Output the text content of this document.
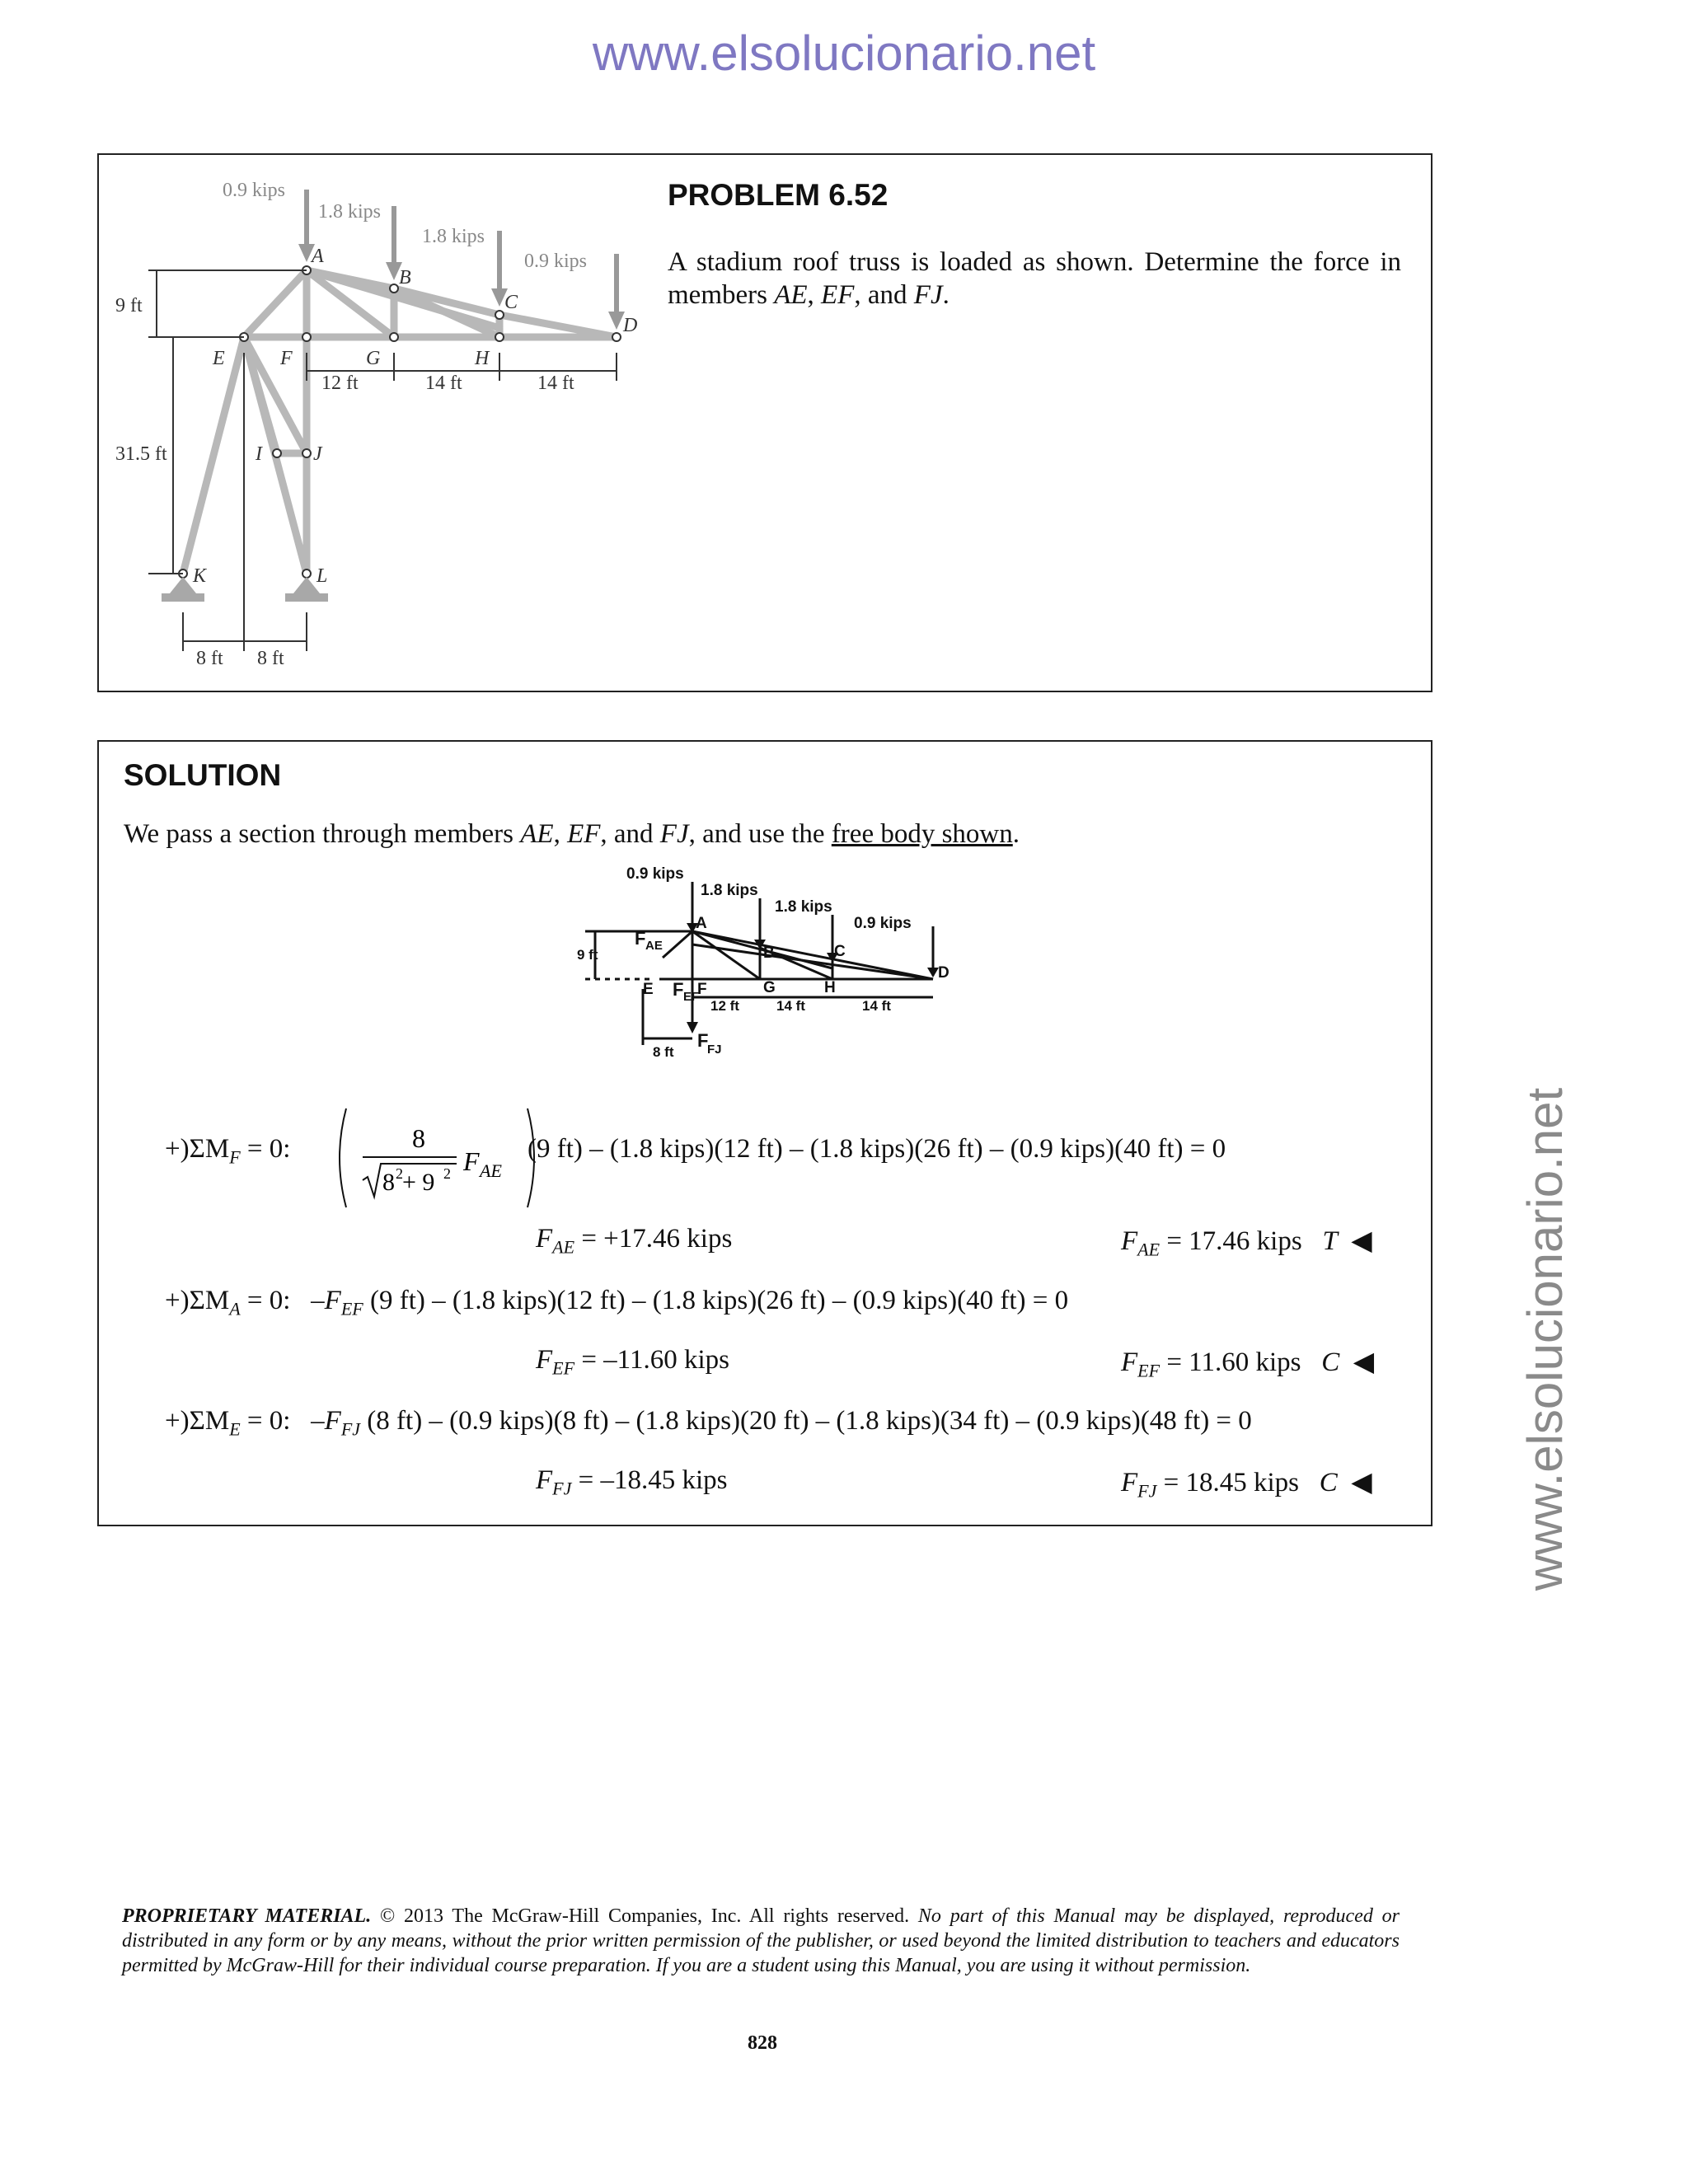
www.elsolucionario.net
www.elsolucionario.net
0.9 kips
1.8 kips
1.8 kips
0.9 kips
A
B
C
D
E	F	G	H
I	J
K	L
9 ft
31.5 ft
12 ft	14 ft	14 ft
8 ft 8 ft
PROBLEM 6.52
A stadium roof truss is loaded as shown. Determine the force in members AE, EF, and FJ.
SOLUTION
We pass a section through members AE, EF, and FJ, and use the free body shown.
0.9 kips
1.8 kips
1.8 kips
0.9 kips
F AE
F EF
F
FJ
A
B	C
D
E	F	G	H
9 ft
12 ft	14 ft	14 ft
8 ft
$+)\Sigma M_F = 0$:	8
8 2 + 9 2 F AE
(9 ft) – (1.8 kips)(12 ft) – (1.8 kips)(26 ft) – (0.9 kips)(40 ft) = 0
$F_{AE} = +17.46$ kips	$F_{AE} = 17.46$ kips T ◀
$+)\Sigma M_A = 0$: $-F_{EF}$ (9 ft) – (1.8 kips)(12 ft) – (1.8 kips)(26 ft) – (0.9 kips)(40 ft) = 0
$F_{EF} = -11.60$ kips	$F_{EF} = 11.60$ kips C ◀
$+)\Sigma M_E = 0$: $-F_{FJ}$ (8 ft) – (0.9 kips)(8 ft) – (1.8 kips)(20 ft) – (1.8 kips)(34 ft) – (0.9 kips)(48 ft) = 0
$F_{FJ} = -18.45$ kips	$F_{FJ} = 18.45$ kips C ◀
PROPRIETARY MATERIAL. © 2013 The McGraw-Hill Companies, Inc. All rights reserved. No part of this Manual may be displayed, reproduced or distributed in any form or by any means, without the prior written permission of the publisher, or used beyond the limited distribution to teachers and educators permitted by McGraw-Hill for their individual course preparation. If you are a student using this Manual, you are using it without permission.
828
